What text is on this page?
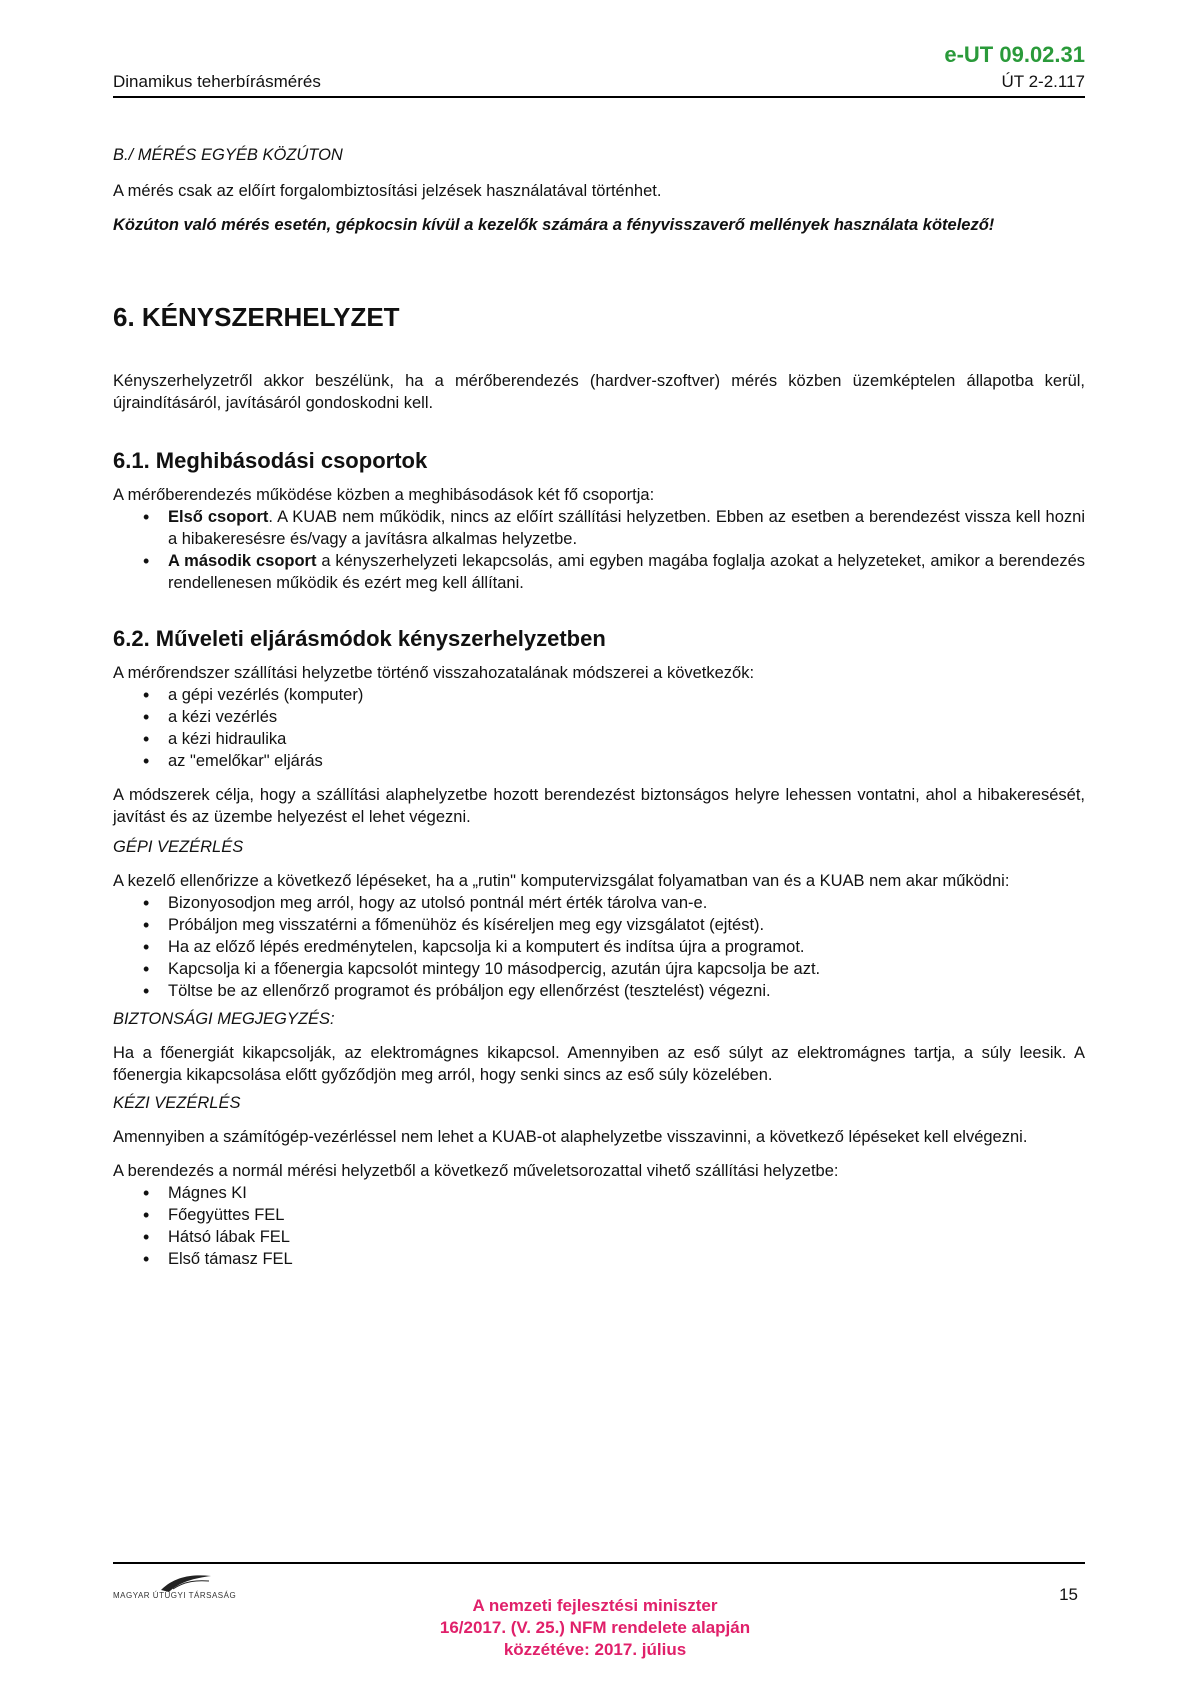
e-UT 09.02.31
Dinamikus teherbírásmérés	ÚT 2-2.117

B./ MÉRÉS EGYÉB KÖZÚTON

A mérés csak az előírt forgalombiztosítási jelzések használatával történhet.

Közúton való mérés esetén, gépkocsin kívül a kezelők számára a fényvisszaverő mellények használata kötelező!

6. KÉNYSZERHELYZET

Kényszerhelyzetről akkor beszélünk, ha a mérőberendezés (hardver-szoftver) mérés közben üzemképtelen állapotba kerül, újraindításáról, javításáról gondoskodni kell.

6.1. Meghibásodási csoportok

A mérőberendezés működése közben a meghibásodások két fő csoportja:

• Első csoport. A KUAB nem működik, nincs az előírt szállítási helyzetben. Ebben az esetben a berendezést vissza kell hozni a hibakeresésre és/vagy a javításra alkalmas helyzetbe.
• A második csoport a kényszerhelyzeti lekapcsolás, ami egyben magába foglalja azokat a helyzeteket, amikor a berendezés rendellenesen működik és ezért meg kell állítani.
6.2. Műveleti eljárásmódok kényszerhelyzetben

A mérőrendszer szállítási helyzetbe történő visszahozatalának módszerei a következők:

• a gépi vezérlés (komputer)
• a kézi vezérlés
• a kézi hidraulika
• az "emelőkar" eljárás

A módszerek célja, hogy a szállítási alaphelyzetbe hozott berendezést biztonságos helyre lehessen vontatni, ahol a hibakeresését, javítást és az üzembe helyezést el lehet végezni.

GÉPI VEZÉRLÉS

A kezelő ellenőrizze a következő lépéseket, ha a „rutin" komputervizsgálat folyamatban van és a KUAB nem akar működni:

• Bizonyosodjon meg arról, hogy az utolsó pontnál mért érték tárolva van-e.
• Próbáljon meg visszatérni a főmenühöz és kíséreljen meg egy vizsgálatot (ejtést).
• Ha az előző lépés eredménytelen, kapcsolja ki a komputert és indítsa újra a programot.
• Kapcsolja ki a főenergia kapcsolót mintegy 10 másodpercig, azután újra kapcsolja be azt.
• Töltse be az ellenőrző programot és próbáljon egy ellenőrzést (tesztelést) végezni.

BIZTONSÁGI MEGJEGYZÉS:

Ha a főenergiát kikapcsolják, az elektromágnes kikapcsol. Amennyiben az eső súlyt az elektromágnes tartja, a súly leesik. A főenergia kikapcsolása előtt győződjön meg arról, hogy senki sincs az eső súly közelében.

KÉZI VEZÉRLÉS

Amennyiben a számítógép-vezérléssel nem lehet a KUAB-ot alaphelyzetbe visszavinni, a következő lépéseket kell elvégezni.

A berendezés a normál mérési helyzetből a következő műveletsorozattal vihető szállítási helyzetbe:

• Mágnes KI
• Főegyüttes FEL
• Hátsó lábak FEL
• Első támasz FEL
MAGYAR ÚTÜGYI TÁRSASÁG	15
A nemzeti fejlesztési miniszter
16/2017. (V. 25.) NFM rendelete alapján
közzétéve: 2017. július
